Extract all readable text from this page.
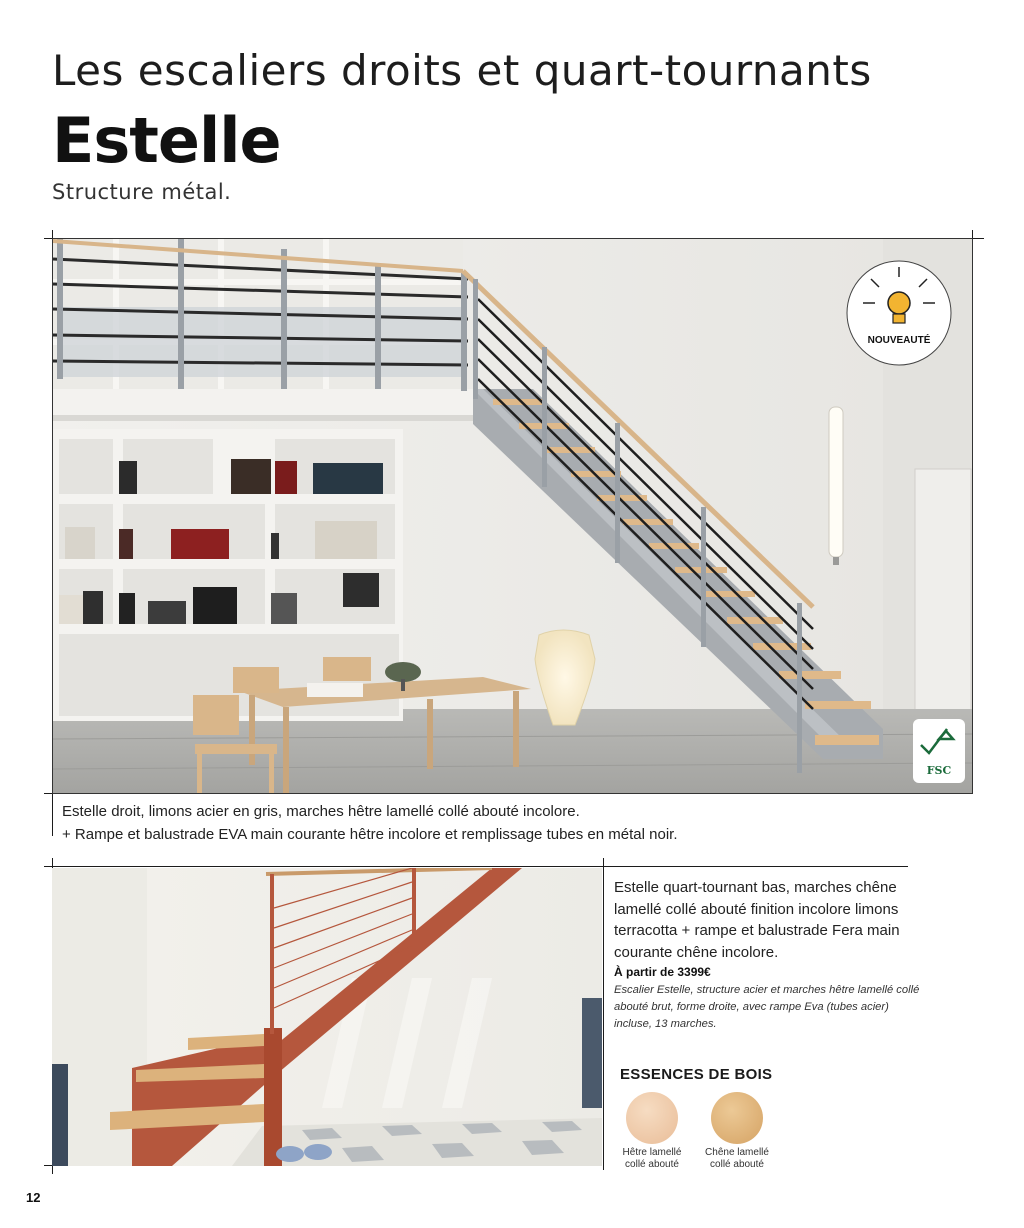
Les escaliers droits et quart-tournants
Estelle
Structure métal.
NOUVEAUTÉ
FSC
Estelle droit, limons acier en gris, marches hêtre lamellé collé abouté incolore.
+ Rampe et balustrade EVA main courante hêtre incolore et remplissage tubes en métal noir.
Estelle quart-tournant bas, marches chêne lamellé collé abouté finition incolore limons terracotta + rampe et balustrade Fera main courante chêne incolore.
À partir de 3399€
Escalier Estelle, structure acier et marches hêtre lamellé collé abouté brut, forme droite, avec rampe Eva (tubes acier) incluse, 13 marches.
ESSENCES DE BOIS
Hêtre lamellé
collé abouté
Chêne lamellé
collé abouté
12
